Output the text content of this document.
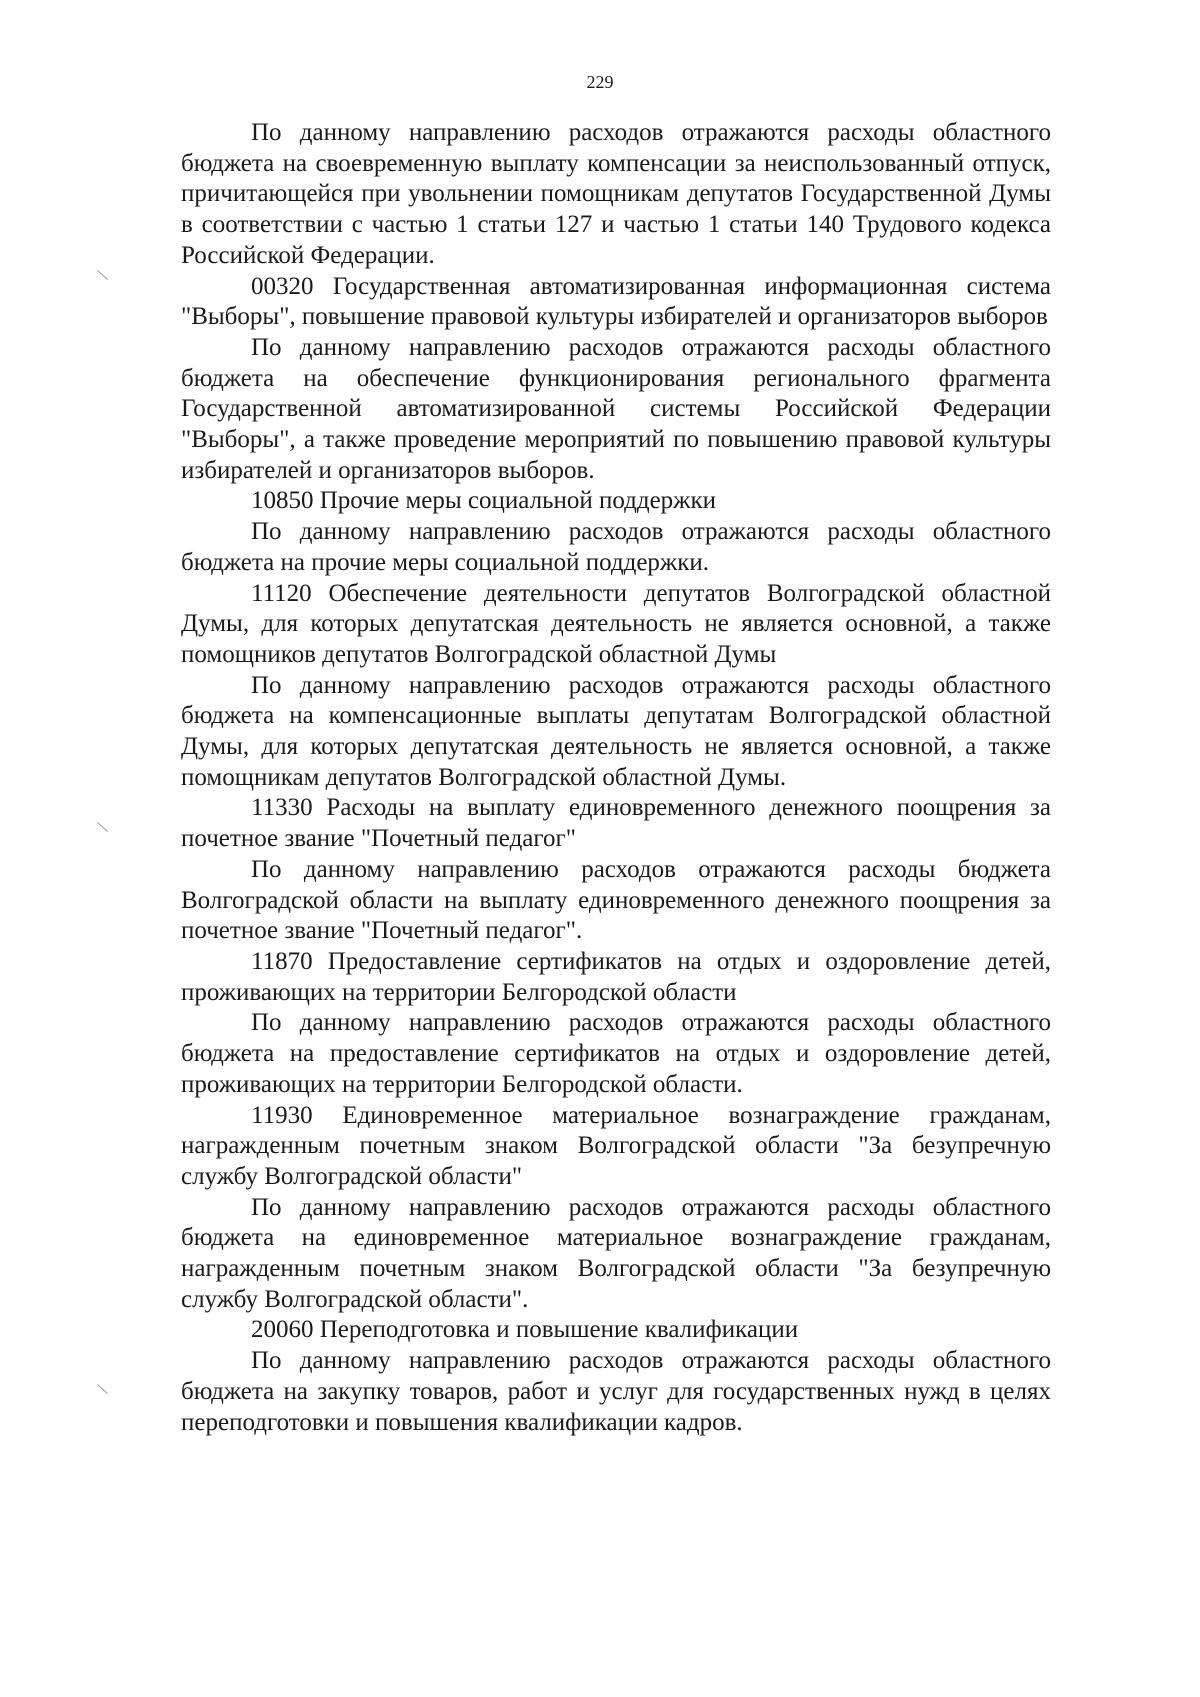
229

По данному направлению расходов отражаются расходы областного бюджета на своевременную выплату компенсации за неиспользованный отпуск, причитающейся при увольнении помощникам депутатов Государственной Думы в соответствии с частью 1 статьи 127 и частью 1 статьи 140 Трудового кодекса Российской Федерации.

00320 Государственная автоматизированная информационная система "Выборы", повышение правовой культуры избирателей и организаторов выборов

По данному направлению расходов отражаются расходы областного бюджета на обеспечение функционирования регионального фрагмента Государственной автоматизированной системы Российской Федерации "Выборы", а также проведение мероприятий по повышению правовой культуры избирателей и организаторов выборов.

10850 Прочие меры социальной поддержки

По данному направлению расходов отражаются расходы областного бюджета на прочие меры социальной поддержки.

11120 Обеспечение деятельности депутатов Волгоградской областной Думы, для которых депутатская деятельность не является основной, а также помощников депутатов Волгоградской областной Думы

По данному направлению расходов отражаются расходы областного бюджета на компенсационные выплаты депутатам Волгоградской областной Думы, для которых депутатская деятельность не является основной, а также помощникам депутатов Волгоградской областной Думы.

11330 Расходы на выплату единовременного денежного поощрения за почетное звание "Почетный педагог"

По данному направлению расходов отражаются расходы бюджета Волгоградской области на выплату единовременного денежного поощрения за почетное звание "Почетный педагог".

11870 Предоставление сертификатов на отдых и оздоровление детей, проживающих на территории Белгородской области

По данному направлению расходов отражаются расходы областного бюджета на предоставление сертификатов на отдых и оздоровление детей, проживающих на территории Белгородской области.

11930 Единовременное материальное вознаграждение гражданам, награжденным почетным знаком Волгоградской области "За безупречную службу Волгоградской области"

По данному направлению расходов отражаются расходы областного бюджета на единовременное материальное вознаграждение гражданам, награжденным почетным знаком Волгоградской области "За безупречную службу Волгоградской области".

20060 Переподготовка и повышение квалификации

По данному направлению расходов отражаются расходы областного бюджета на закупку товаров, работ и услуг для государственных нужд в целях переподготовки и повышения квалификации кадров.
